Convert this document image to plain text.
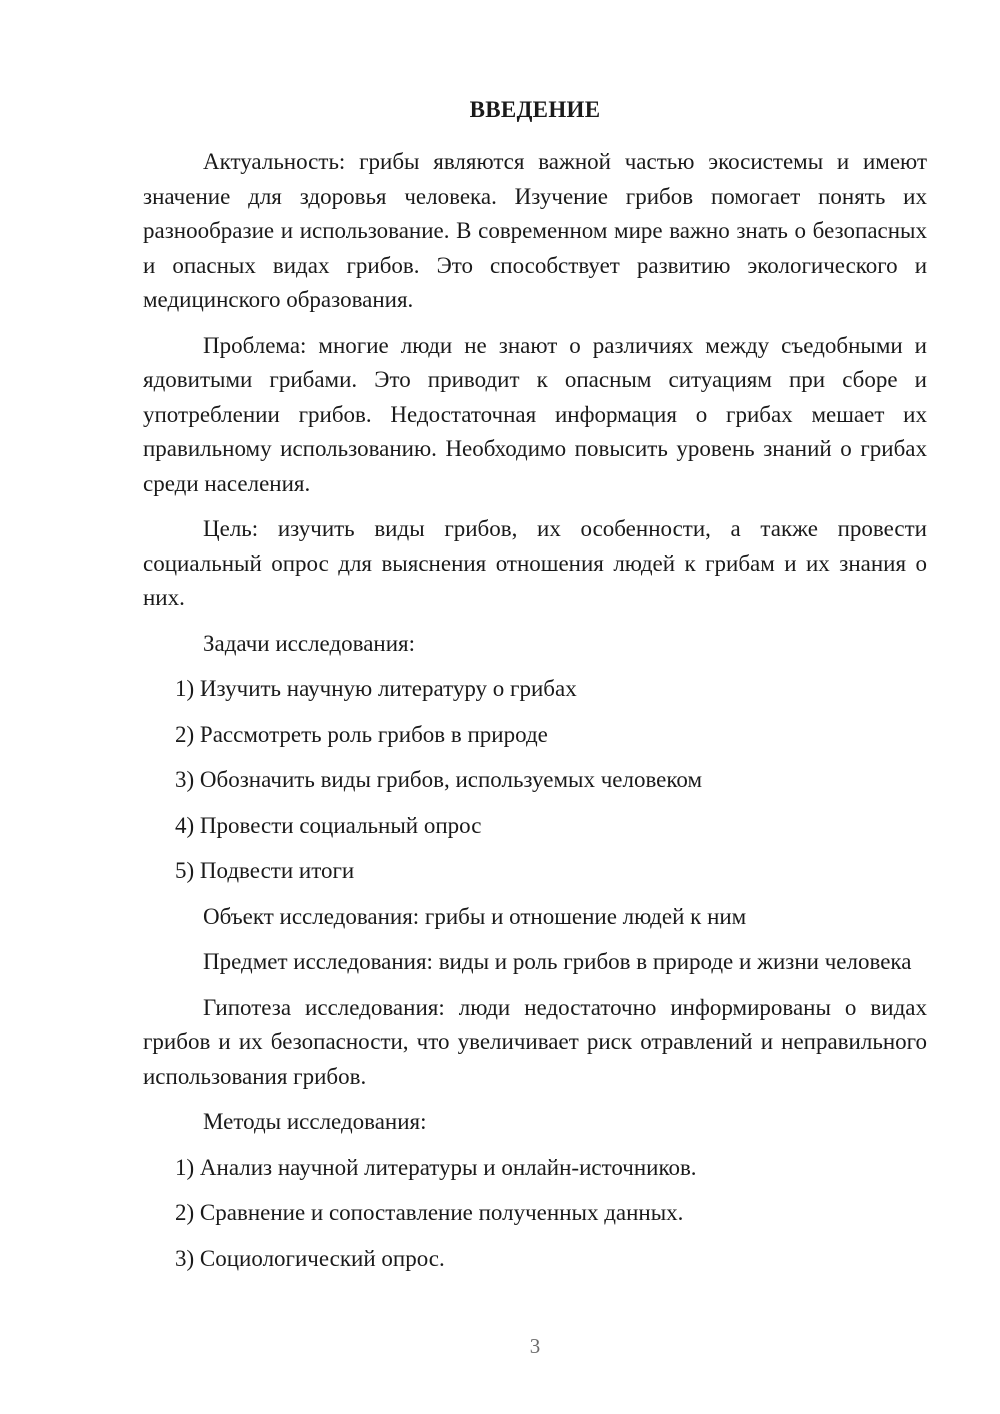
ВВЕДЕНИЕ

Актуальность: грибы являются важной частью экосистемы и имеют значение для здоровья человека. Изучение грибов помогает понять их разнообразие и использование. В современном мире важно знать о безопасных и опасных видах грибов. Это способствует развитию экологического и медицинского образования.

Проблема: многие люди не знают о различиях между съедобными и ядовитыми грибами. Это приводит к опасным ситуациям при сборе и употреблении грибов. Недостаточная информация о грибах мешает их правильному использованию. Необходимо повысить уровень знаний о грибах среди населения.

Цель: изучить виды грибов, их особенности, а также провести социальный опрос для выяснения отношения людей к грибам и их знания о них.

Задачи исследования:

1) Изучить научную литературу о грибах
2) Рассмотреть роль грибов в природе
3) Обозначить виды грибов, используемых человеком
4) Провести социальный опрос
5) Подвести итоги

Объект исследования: грибы и отношение людей к ним

Предмет исследования: виды и роль грибов в природе и жизни человека

Гипотеза исследования: люди недостаточно информированы о видах грибов и их безопасности, что увеличивает риск отравлений и неправильного использования грибов.

Методы исследования:

1) Анализ научной литературы и онлайн-источников.
2) Сравнение и сопоставление полученных данных.
3) Социологический опрос.
3
